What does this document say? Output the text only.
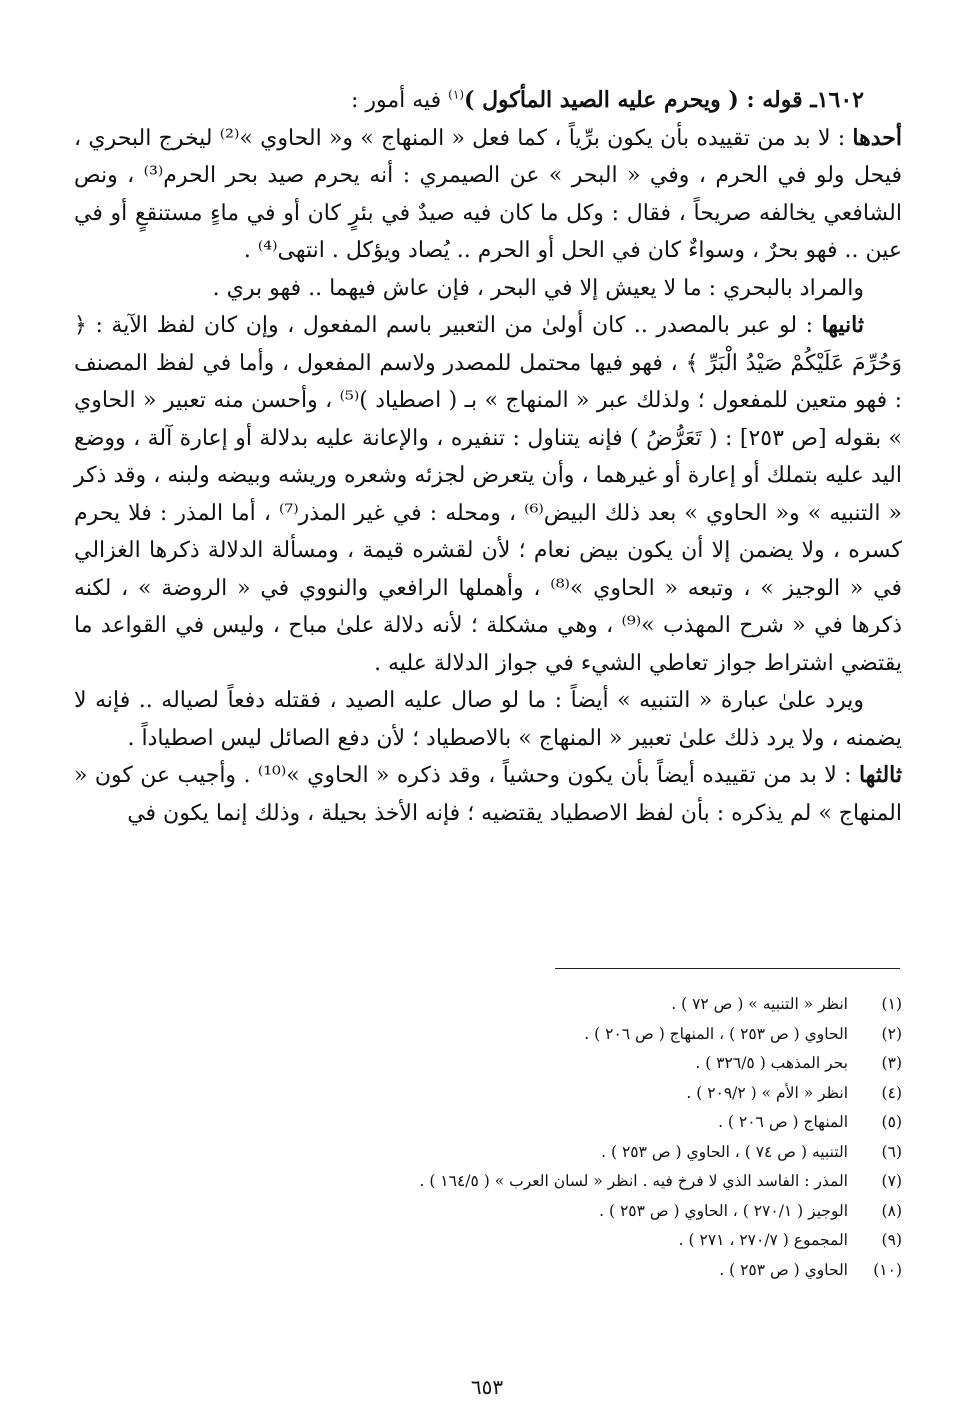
١٦٠٢ـ قوله : ( ويحرم عليه الصيد المأكول )$^{(١)}$ فيه أمور :

أحدها : لا بد من تقييده بأن يكون برِّياً ، كما فعل « المنهاج » و« الحاوي »⁽²⁾ ليخرج البحري ، فيحل ولو في الحرم ، وفي « البحر » عن الصيمري : أنه يحرم صيد بحر الحرم⁽³⁾ ، ونص الشافعي يخالفه صريحاً ، فقال : وكل ما كان فيه صيدٌ في بئرٍ كان أو في ماءٍ مستنقعٍ أو في عين .. فهو بحرٌ ، وسواءٌ كان في الحل أو الحرم .. يُصاد ويؤكل . انتهى⁽⁴⁾ .

والمراد بالبحري : ما لا يعيش إلا في البحر ، فإن عاش فيهما .. فهو بري .

ثانيها : لو عبر بالمصدر .. كان أولىٰ من التعبير باسم المفعول ، وإن كان لفظ الآية : ﴿ وَحُرِّمَ عَلَيْكُمْ صَيْدُ الْبَرِّ ﴾ ، فهو فيها محتمل للمصدر ولاسم المفعول ، وأما في لفظ المصنف : فهو متعين للمفعول ؛ ولذلك عبر « المنهاج » بـ ( اصطياد )⁽⁵⁾ ، وأحسن منه تعبير « الحاوي » بقوله [ص ٢٥٣] : ( تَعَرُّضُ ) فإنه يتناول : تنفيره ، والإعانة عليه بدلالة أو إعارة آلة ، ووضع اليد عليه بتملك أو إعارة أو غيرهما ، وأن يتعرض لجزئه وشعره وريشه وبيضه ولبنه ، وقد ذكر « التنبيه » و« الحاوي » بعد ذلك البيض⁽⁶⁾ ، ومحله : في غير المذر⁽⁷⁾ ، أما المذر : فلا يحرم كسره ، ولا يضمن إلا أن يكون بيض نعام ؛ لأن لقشره قيمة ، ومسألة الدلالة ذكرها الغزالي في « الوجيز » ، وتبعه « الحاوي »⁽⁸⁾ ، وأهملها الرافعي والنووي في « الروضة » ، لكنه ذكرها في « شرح المهذب »⁽⁹⁾ ، وهي مشكلة ؛ لأنه دلالة علىٰ مباح ، وليس في القواعد ما يقتضي اشتراط جواز تعاطي الشيء في جواز الدلالة عليه .

ويرد علىٰ عبارة « التنبيه » أيضاً : ما لو صال عليه الصيد ، فقتله دفعاً لصياله .. فإنه لا يضمنه ، ولا يرد ذلك علىٰ تعبير « المنهاج » بالاصطياد ؛ لأن دفع الصائل ليس اصطياداً .

ثالثها : لا بد من تقييده أيضاً بأن يكون وحشياً ، وقد ذكره « الحاوي »⁽¹⁰⁾ . وأجيب عن كون « المنهاج » لم يذكره : بأن لفظ الاصطياد يقتضيه ؛ فإنه الأخذ بحيلة ، وذلك إنما يكون في

(١)
انظر « التنبيه » ( ص ٧٢ ) .
(٢)
الحاوي ( ص ٢٥٣ ) ، المنهاج ( ص ٢٠٦ ) .
(٣)
بحر المذهب ( ٣٢٦/٥ ) .
(٤)
انظر « الأم » ( ٢٠٩/٢ ) .
(٥)
المنهاج ( ص ٢٠٦ ) .
(٦)
التنبيه ( ص ٧٤ ) ، الحاوي ( ص ٢٥٣ ) .
(٧)
المذر : الفاسد الذي لا فرخ فيه . انظر « لسان العرب » ( ١٦٤/٥ ) .
(٨)
الوجيز ( ٢٧٠/١ ) ، الحاوي ( ص ٢٥٣ ) .
(٩)
المجموع ( ٢٧٠/٧ ، ٢٧١ ) .
(١٠)
الحاوي ( ص ٢٥٣ ) .
٦٥٣
